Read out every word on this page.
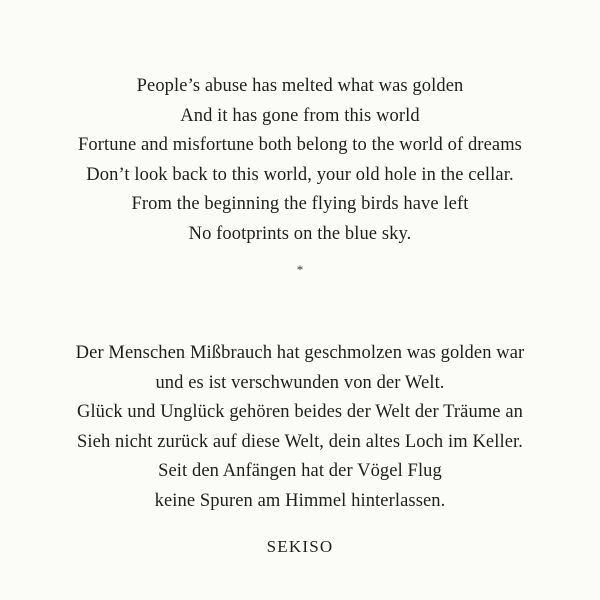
People’s abuse has melted what was golden
And it has gone from this world
Fortune and misfortune both belong to the world of dreams
Don’t look back to this world, your old hole in the cellar.
From the beginning the flying birds have left
No footprints on the blue sky.
*
Der Menschen Mißbrauch hat geschmolzen was golden war
und es ist verschwunden von der Welt.
Glück und Unglück gehören beides der Welt der Träume an
Sieh nicht zurück auf diese Welt, dein altes Loch im Keller.
Seit den Anfängen hat der Vögel Flug
keine Spuren am Himmel hinterlassen.
SEKISO
